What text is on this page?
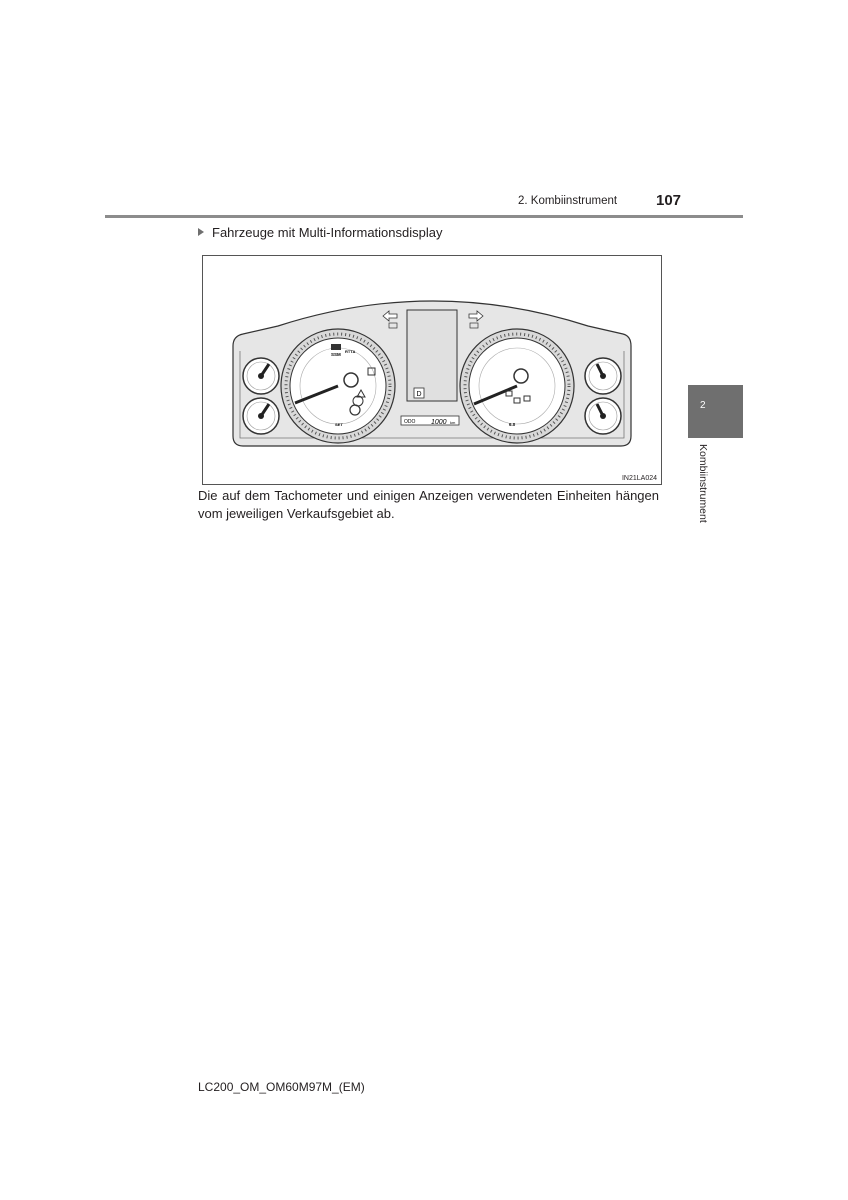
2. Kombiinstrument	107
2
Kombiinstrument
Fahrzeuge mit Multi-Informationsdisplay
SSM
RTTA
SET	6.0
D
ODO 1000 km
IN21LA024
Die auf dem Tachometer und einigen Anzeigen verwendeten Einheiten hängen vom jeweiligen Verkaufsgebiet ab.
LC200_OM_OM60M97M_(EM)
